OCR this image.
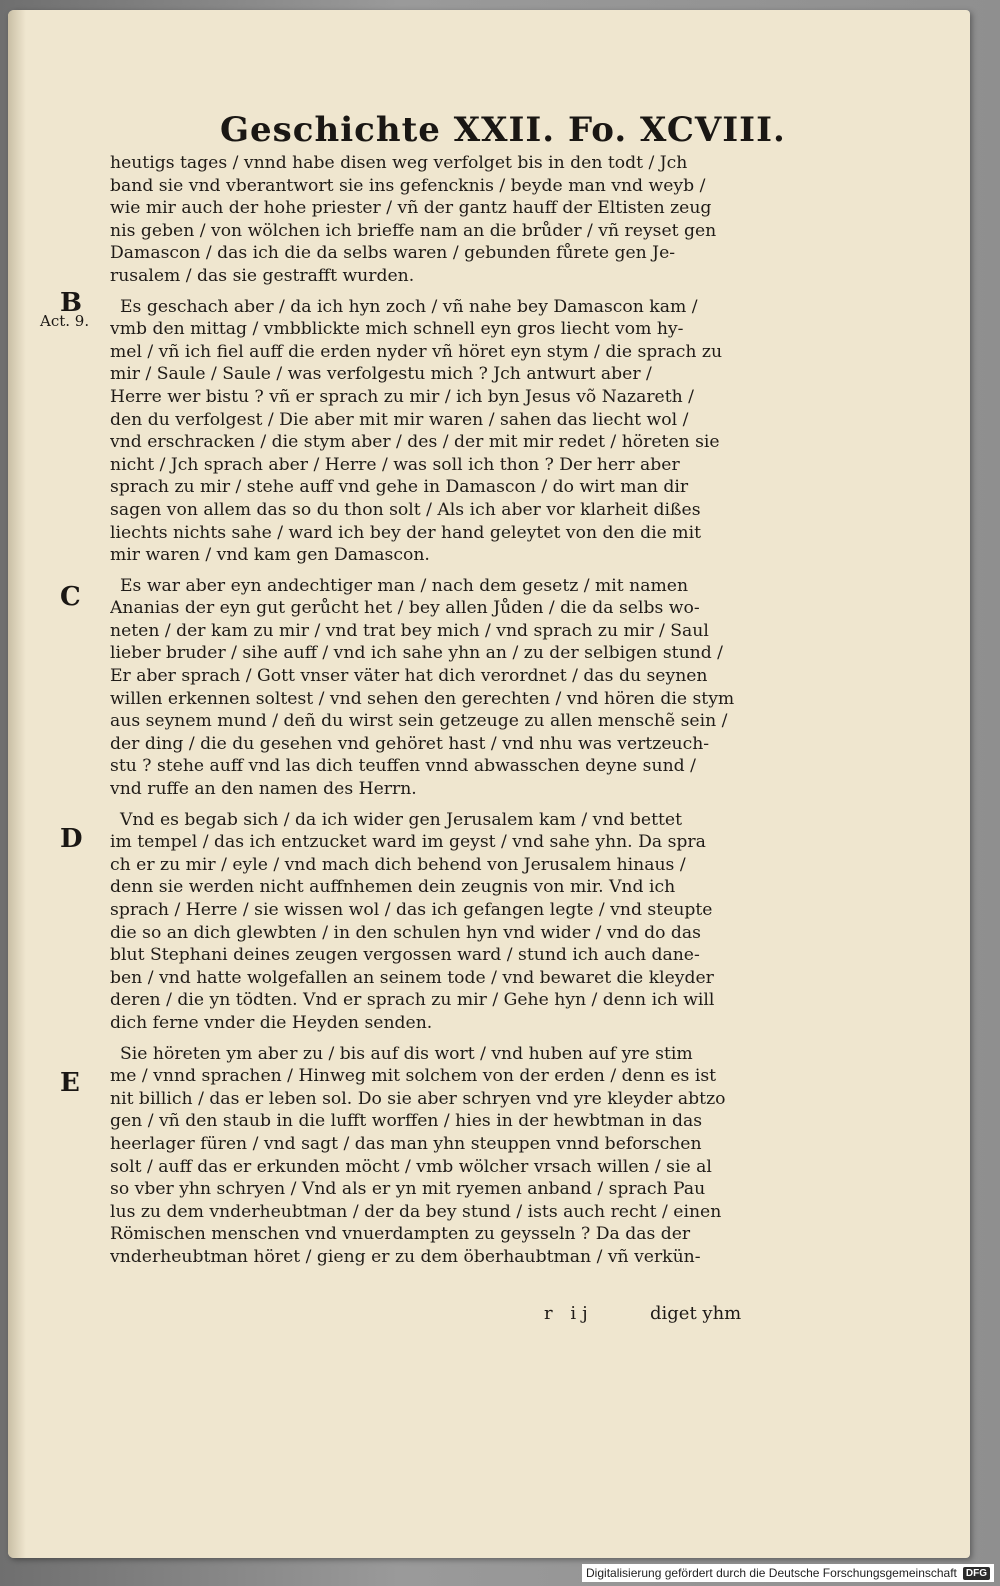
Geschichte XXII. Fo. XCVIII.
B
Act. 9.
C
D
E
heutigs tages / vnnd habe disen weg verfolget bis in den todt / Jch
band sie vnd vberantwort sie ins gefencknis / beyde man vnd weyb /
wie mir auch der hohe priester / vñ der gantz hauff der Eltisten zeug
nis geben / von wölchen ich brieffe nam an die brůder / vñ reyset gen
Damascon / das ich die da selbs waren / gebunden fůrete gen Je-
rusalem / das sie gestrafft wurden.
Es geschach aber / da ich hyn zoch / vñ nahe bey Damascon kam /
vmb den mittag / vmbblickte mich schnell eyn gros liecht vom hy-
mel / vñ ich fiel auff die erden nyder vñ höret eyn stym / die sprach zu
mir / Saule / Saule / was verfolgestu mich ? Jch antwurt aber /
Herre wer bistu ? vñ er sprach zu mir / ich byn Jesus võ Nazareth /
den du verfolgest / Die aber mit mir waren / sahen das liecht wol /
vnd erschracken / die stym aber / des / der mit mir redet / höreten sie
nicht / Jch sprach aber / Herre / was soll ich thon ? Der herr aber
sprach zu mir / stehe auff vnd gehe in Damascon / do wirt man dir
sagen von allem das so du thon solt / Als ich aber vor klarheit dißes
liechts nichts sahe / ward ich bey der hand geleytet von den die mit
mir waren / vnd kam gen Damascon.
Es war aber eyn andechtiger man / nach dem gesetz / mit namen
Ananias der eyn gut gerůcht het / bey allen Jůden / die da selbs wo-
neten / der kam zu mir / vnd trat bey mich / vnd sprach zu mir / Saul
lieber bruder / sihe auff / vnd ich sahe yhn an / zu der selbigen stund /
Er aber sprach / Gott vnser väter hat dich verordnet / das du seynen
willen erkennen soltest / vnd sehen den gerechten / vnd hören die stym
aus seynem mund / deñ du wirst sein getzeuge zu allen menschẽ sein /
der ding / die du gesehen vnd gehöret hast / vnd nhu was vertzeuch-
stu ? stehe auff vnd las dich teuffen vnnd abwasschen deyne sund /
vnd ruffe an den namen des Herrn.
Vnd es begab sich / da ich wider gen Jerusalem kam / vnd bettet
im tempel / das ich entzucket ward im geyst / vnd sahe yhn. Da spra
ch er zu mir / eyle / vnd mach dich behend von Jerusalem hinaus /
denn sie werden nicht auffnhemen dein zeugnis von mir. Vnd ich
sprach / Herre / sie wissen wol / das ich gefangen legte / vnd steupte
die so an dich glewbten / in den schulen hyn vnd wider / vnd do das
blut Stephani deines zeugen vergossen ward / stund ich auch dane-
ben / vnd hatte wolgefallen an seinem tode / vnd bewaret die kleyder
deren / die yn tödten. Vnd er sprach zu mir / Gehe hyn / denn ich will
dich ferne vnder die Heyden senden.
Sie höreten ym aber zu / bis auf dis wort / vnd huben auf yre stim
me / vnnd sprachen / Hinweg mit solchem von der erden / denn es ist
nit billich / das er leben sol. Do sie aber schryen vnd yre kleyder abtzo
gen / vñ den staub in die lufft worffen / hies in der hewbtman in das
heerlager füren / vnd sagt / das man yhn steuppen vnnd beforschen
solt / auff das er erkunden möcht / vmb wölcher vrsach willen / sie al
so vber yhn schryen / Vnd als er yn mit ryemen anband / sprach Pau
lus zu dem vnderheubtman / der da bey stund / ists auch recht / einen
Römischen menschen vnd vnuerdampten zu geysseln ? Da das der
vnderheubtman höret / gieng er zu dem öberhaubtman / vñ verkün-
r ij	diget yhm
Digitalisierung gefördert durch die Deutsche Forschungsgemeinschaft DFG
